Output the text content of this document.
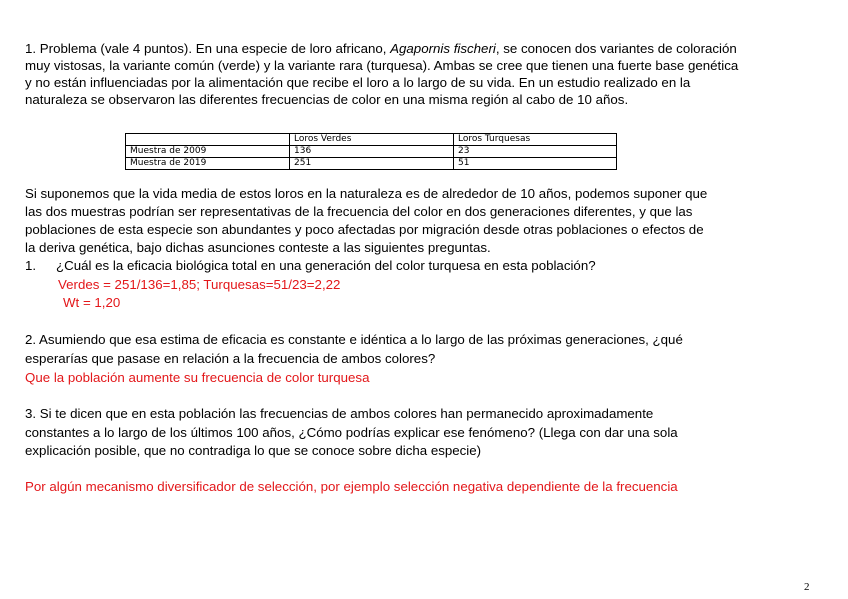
1. Problema (vale 4 puntos). En una especie de loro africano, Agapornis fischeri, se conocen dos variantes de coloración

muy vistosas, la variante común (verde) y la variante rara (turquesa). Ambas se cree que tienen una fuerte base genética

y no están influenciadas por la alimentación que recibe el loro a lo largo de su vida. En un estudio realizado en la

naturaleza se observaron las diferentes frecuencias de color en una misma región al cabo de 10 años.

	Loros Verdes	Loros Turquesas
Muestra de 2009	136	23
Muestra de 2019	251	51

Si suponemos que la vida media de estos loros en la naturaleza es de alrededor de 10 años, podemos suponer que

las dos muestras podrían ser representativas de la frecuencia del color en dos generaciones diferentes, y que las

poblaciones de esta especie son abundantes y poco afectadas por migración desde otras poblaciones o efectos de

la deriva genética, bajo dichas asunciones conteste a las siguientes preguntas.

1. ¿Cuál es la eficacia biológica total en una generación del color turquesa en esta población?

Verdes = 251/136=1,85; Turquesas=51/23=2,22

Wt = 1,20

2. Asumiendo que esa estima de eficacia es constante e idéntica a lo largo de las próximas generaciones, ¿qué

esperarías que pasase en relación a la frecuencia de ambos colores?

Que la población aumente su frecuencia de color turquesa

3. Si te dicen que en esta población las frecuencias de ambos colores han permanecido aproximadamente

constantes a lo largo de los últimos 100 años, ¿Cómo podrías explicar ese fenómeno? (Llega con dar una sola

explicación posible, que no contradiga lo que se conoce sobre dicha especie)

Por algún mecanismo diversificador de selección, por ejemplo selección negativa dependiente de la frecuencia

2
